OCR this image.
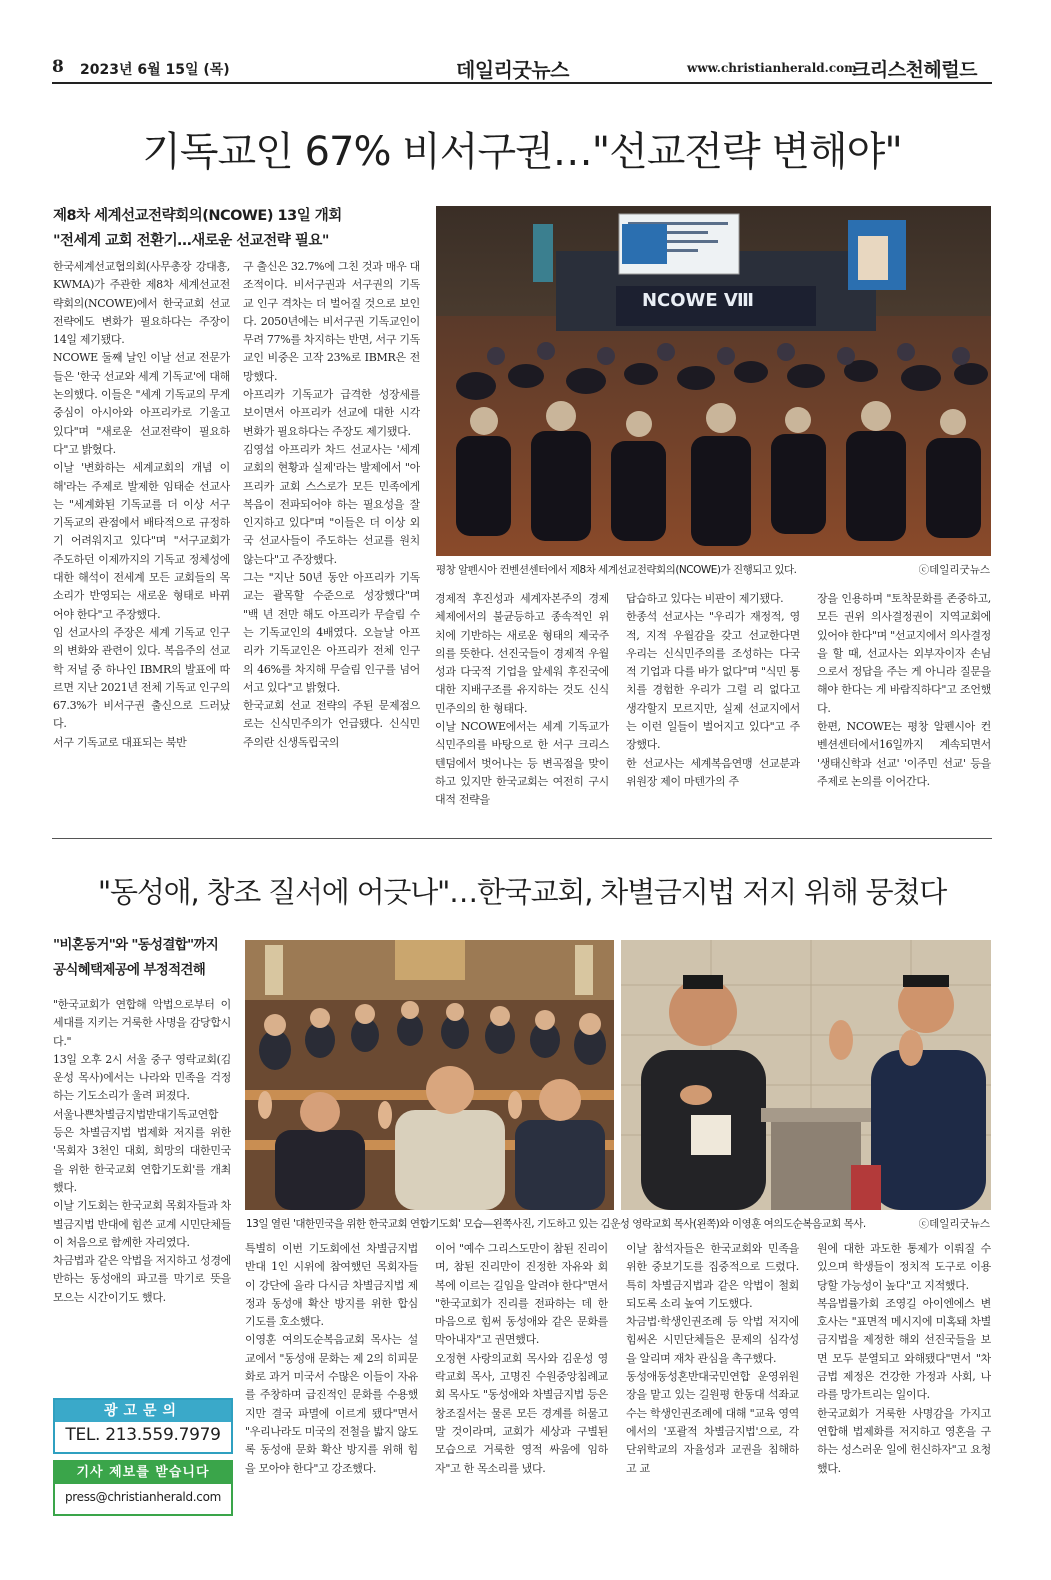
8 2023년 6월 15일 (목)	데일리굿뉴스	www.christianherald.com
크리스천헤럴드
기독교인 67% 비서구권…"선교전략 변해야"
제8차 세계선교전략회의(NCOWE) 13일 개회
"전세계 교회 전환기…새로운 선교전략 필요"
한국세계선교협의회(사무총장 강대흥, KWMA)가 주관한 제8차 세계선교전략회의(NCOWE)에서 한국교회 선교전략에도 변화가 필요하다는 주장이 14일 제기됐다.
NCOWE 둘째 날인 이날 선교 전문가들은 '한국 선교와 세계 기독교'에 대해 논의했다. 이들은 "세계 기독교의 무게 중심이 아시아와 아프리카로 기울고 있다"며 "새로운 선교전략이 필요하다"고 밝혔다.
이날 '변화하는 세계교회의 개념 이해'라는 주제로 발제한 임태순 선교사는 "세계화된 기독교를 더 이상 서구 기독교의 관점에서 배타적으로 규정하기 어려워지고 있다"며 "서구교회가 주도하던 이제까지의 기독교 정체성에 대한 해석이 전세계 모든 교회들의 목소리가 반영되는 새로운 형태로 바뀌어야 한다"고 주장했다.
임 선교사의 주장은 세계 기독교 인구의 변화와 관련이 있다. 복음주의 선교학 저널 중 하나인 IBMR의 발표에 따르면 지난 2021년 전체 기독교 인구의 67.3%가 비서구권 출신으로 드러났다.
서구 기독교로 대표되는 북반
구 출신은 32.7%에 그친 것과 매우 대조적이다. 비서구권과 서구권의 기독교 인구 격차는 더 벌어질 것으로 보인다. 2050년에는 비서구권 기독교인이 무려 77%를 차지하는 반면, 서구 기독교인 비중은 고작 23%로 IBMR은 전망했다.
아프리카 기독교가 급격한 성장세를 보이면서 아프리카 선교에 대한 시각 변화가 필요하다는 주장도 제기됐다.
김영섭 아프리카 차드 선교사는 '세계 교회의 현황과 실제'라는 발제에서 "아프리카 교회 스스로가 모든 민족에게 복음이 전파되어야 하는 필요성을 잘 인지하고 있다"며 "이들은 더 이상 외국 선교사들이 주도하는 선교를 원치 않는다"고 주장했다.
그는 "지난 50년 동안 아프리카 기독교는 괄목할 수준으로 성장했다"며 "백 년 전만 해도 아프리카 무슬림 수는 기독교인의 4배였다. 오늘날 아프리카 기독교인은 아프리카 전체 인구의 46%를 차지해 무슬림 인구를 넘어서고 있다"고 밝혔다.
한국교회 선교 전략의 주된 문제점으로는 신식민주의가 언급됐다. 신식민주의란 신생독립국의
경제적 후진성과 세계자본주의 경제체제에서의 불균등하고 종속적인 위치에 기반하는 새로운 형태의 제국주의를 뜻한다. 선진국들이 경제적 우월성과 다국적 기업을 앞세워 후진국에 대한 지배구조를 유지하는 것도 신식민주의의 한 형태다.
이날 NCOWE에서는 세계 기독교가 식민주의를 바탕으로 한 서구 크리스텐덤에서 벗어나는 등 변곡점을 맞이하고 있지만 한국교회는 여전히 구시대적 전략을
답습하고 있다는 비판이 제기됐다.
한종석 선교사는 "우리가 재정적, 영적, 지적 우월감을 갖고 선교한다면 우리는 신식민주의를 조성하는 다국적 기업과 다를 바가 없다"며 "식민 통치를 경험한 우리가 그럴 리 없다고 생각할지 모르지만, 실제 선교지에서는 이런 일들이 벌어지고 있다"고 주장했다.
한 선교사는 세계복음연맹 선교분과 위원장 제이 마텐가의 주
장을 인용하며 "토착문화를 존중하고, 모든 권위 의사결정권이 지역교회에 있어야 한다"며 "선교지에서 의사결정을 할 때, 선교사는 외부자이자 손님으로서 정답을 주는 게 아니라 질문을 해야 한다는 게 바람직하다"고 조언했다.
한편, NCOWE는 평창 알펜시아 컨벤션센터에서16일까지 계속되면서 '생태신학과 선교' '이주민 선교' 등을 주제로 논의를 이어간다.
NCOWE Ⅷ
평창 알펜시아 컨벤션센터에서 제8차 세계선교전략회의(NCOWE)가 진행되고 있다.	ⓒ데일리굿뉴스
"동성애, 창조 질서에 어긋나"…한국교회, 차별금지법 저지 위해 뭉쳤다
"비혼동거"와 "동성결합"까지
공식혜택제공에 부정적견해
"한국교회가 연합해 악법으로부터 이 세대를 지키는 거룩한 사명을 감당합시다."
13일 오후 2시 서울 중구 영락교회(김운성 목사)에서는 나라와 민족을 걱정하는 기도소리가 울려 퍼졌다.
서울나쁜차별금지법반대기독교연합 등은 차별금지법 법제화 저지를 위한 '목회자 3천인 대회, 희망의 대한민국을 위한 한국교회 연합기도회'를 개최했다.
이날 기도회는 한국교회 목회자들과 차별금지법 반대에 힘쓴 교계 시민단체들이 처음으로 함께한 자리였다.
차금법과 같은 악법을 저지하고 성경에 반하는 동성애의 파고를 막기로 뜻을 모으는 시간이기도 했다.
특별히 이번 기도회에선 차별금지법 반대 1인 시위에 참여했던 목회자들이 강단에 올라 다시금 차별금지법 제정과 동성애 확산 방지를 위한 합심 기도를 호소했다.
이영훈 여의도순복음교회 목사는 설교에서 "동성애 문화는 제 2의 히피문화로 과거 미국서 수많은 이들이 자유를 주창하며 급진적인 문화를 수용했지만 결국 파멸에 이르게 됐다"면서 "우리나라도 미국의 전철을 밟지 않도록 동성애 문화 확산 방지를 위해 힘을 모아야 한다"고 강조했다.
이어 "예수 그리스도만이 참된 진리이며, 참된 진리만이 진정한 자유와 회복에 이르는 길임을 알려야 한다"면서 "한국교회가 진리를 전파하는 데 한 마음으로 힘써 동성애와 같은 문화를 막아내자"고 권면했다.
오정현 사랑의교회 목사와 김운성 영락교회 목사, 고명진 수원중앙침례교회 목사도 "동성애와 차별금지법 등은 창조질서는 물론 모든 경계를 허물고 말 것이라며, 교회가 세상과 구별된 모습으로 거룩한 영적 싸움에 임하자"고 한 목소리를 냈다.
이날 참석자들은 한국교회와 민족을 위한 중보기도를 집중적으로 드렸다. 특히 차별금지법과 같은 악법이 철회되도록 소리 높여 기도했다.
차금법·학생인권조례 등 악법 저지에 힘써온 시민단체들은 문제의 심각성을 알리며 재차 관심을 촉구했다.
동성애동성혼반대국민연합 운영위원장을 맡고 있는 길원평 한동대 석좌교수는 학생인권조례에 대해 "교육 영역에서의 '포괄적 차별금지법'으로, 각 단위학교의 자율성과 교권을 침해하고 교
원에 대한 과도한 통제가 이뤄질 수 있으며 학생들이 정치적 도구로 이용당할 가능성이 높다"고 지적했다.
복음법률가회 조영길 아이엔에스 변호사는 "표면적 메시지에 미혹돼 차별금지법을 제정한 해외 선진국들을 보면 모두 분열되고 와해됐다"면서 "차금법 제정은 건강한 가정과 사회, 나라를 망가트리는 일이다.
한국교회가 거룩한 사명감을 가지고 연합해 법제화를 저지하고 영혼을 구하는 성스러운 일에 헌신하자"고 요청했다.
13일 열린 '대한민국을 위한 한국교회 연합기도회' 모습—왼쪽사진, 기도하고 있는 김운성 영락교회 목사(왼쪽)와 이영훈 여의도순복음교회 목사.	ⓒ데일리굿뉴스
광고문의
TEL. 213.559.7979
기사 제보를 받습니다
press@christianherald.com
